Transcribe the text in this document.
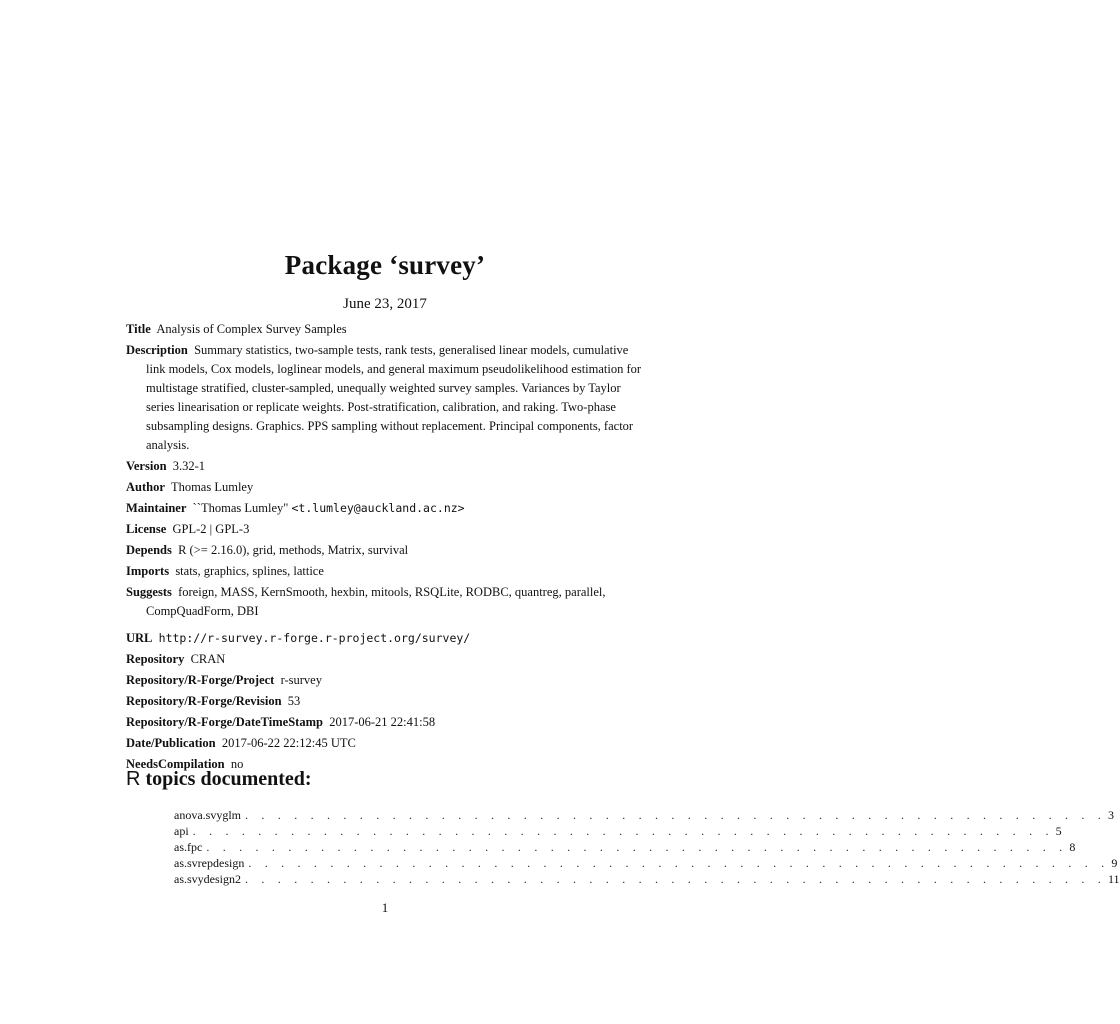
Package ‘survey’
June 23, 2017
Title Analysis of Complex Survey Samples
Description Summary statistics, two-sample tests, rank tests, generalised linear models, cumulative link models, Cox models, loglinear models, and general maximum pseudolikelihood estimation for multistage stratified, cluster-sampled, unequally weighted survey samples. Variances by Taylor series linearisation or replicate weights. Post-stratification, calibration, and raking. Two-phase subsampling designs. Graphics. PPS sampling without replacement. Principal components, factor analysis.
Version 3.32-1
Author Thomas Lumley
Maintainer ``Thomas Lumley" <t.lumley@auckland.ac.nz>
License GPL-2 | GPL-3
Depends R (>= 2.16.0), grid, methods, Matrix, survival
Imports stats, graphics, splines, lattice
Suggests foreign, MASS, KernSmooth, hexbin, mitools, RSQLite, RODBC, quantreg, parallel, CompQuadForm, DBI
URL http://r-survey.r-forge.r-project.org/survey/
Repository CRAN
Repository/R-Forge/Project r-survey
Repository/R-Forge/Revision 53
Repository/R-Forge/DateTimeStamp 2017-06-21 22:41:58
Date/Publication 2017-06-22 22:12:45 UTC
NeedsCompilation no
R topics documented:
anova.svyglm . . . . . . . . . . . . . . . . . . . . . . . . . . . . . . . . . . . . . . . . . . . . . . . . . . . . . 3
api . . . . . . . . . . . . . . . . . . . . . . . . . . . . . . . . . . . . . . . . . . . . . . . . . . . . . 5
as.fpc . . . . . . . . . . . . . . . . . . . . . . . . . . . . . . . . . . . . . . . . . . . . . . . . . . . . . 8
as.svrepdesign . . . . . . . . . . . . . . . . . . . . . . . . . . . . . . . . . . . . . . . . . . . . . . . . . . . . . 9
as.svydesign2 . . . . . . . . . . . . . . . . . . . . . . . . . . . . . . . . . . . . . . . . . . . . . . . . . . . . . 11
1
